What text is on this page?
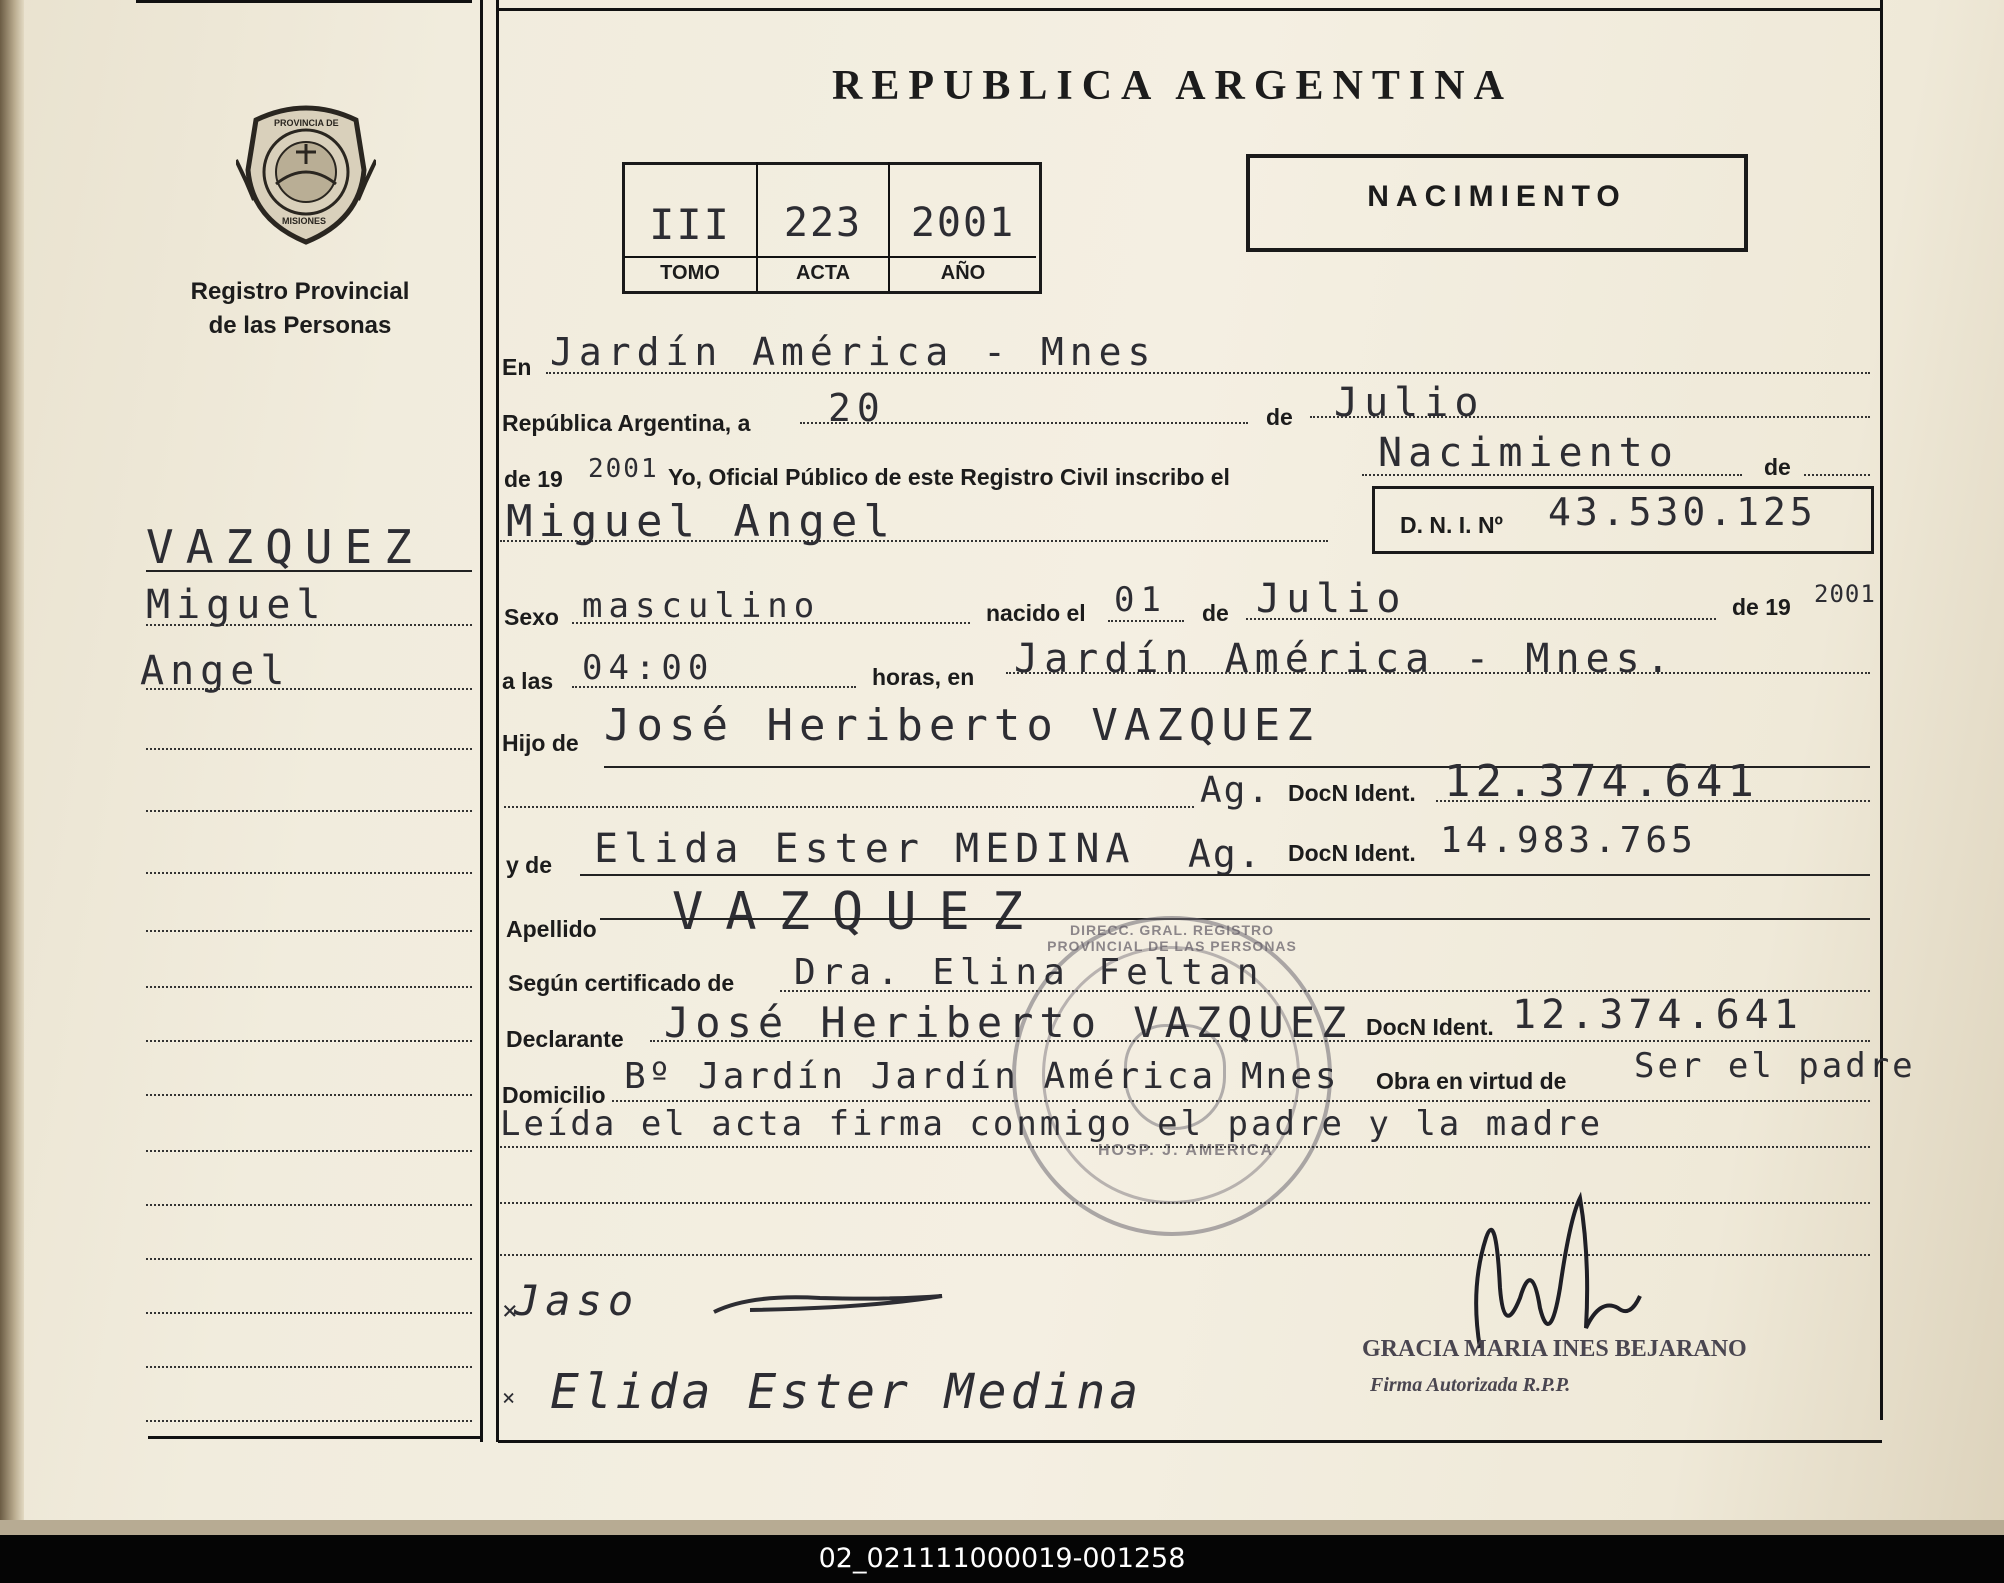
PROVINCIA DE
MISIONES
Registro Provincial
de las Personas
REPUBLICA ARGENTINA
III	223	2001
TOMO	ACTA	AÑO
NACIMIENTO
VAZQUEZ
Miguel
Angel
En Jardín América - Mnes
República Argentina, a 20	de Julio
de 19 2001 Yo, Oficial Público de este Registro Civil inscribo el
Nacimiento	de
Miguel Angel	D. N. I. Nº 43.530.125
Sexo masculino	nacido el 01 de Julio	de 19 2001
a las 04:00	horas, en Jardín América - Mnes.
Hijo de José Heriberto VAZQUEZ
Ag. DocN Ident. 12.374.641
y de Elida Ester MEDINA Ag. DocN Ident. 14.983.765
Apellido VAZQUEZ	DIRECC. GRAL. REGISTRO PROVINCIAL DE LAS PERSONAS
HOSP. J. AMERICA
Según certificado de Dra. Elina Feltan
Declarante José Heriberto VAZQUEZ DocN Ident. 12.374.641
Domicilio Bº Jardín Jardín América Mnes Obra en virtud de Ser el padre
Leída el acta firma conmigo el padre y la madre
Jaso
×
× Elida Ester Medina
GRACIA MARIA INES BEJARANO
Firma Autorizada R.P.P.
02_021111000019-001258
